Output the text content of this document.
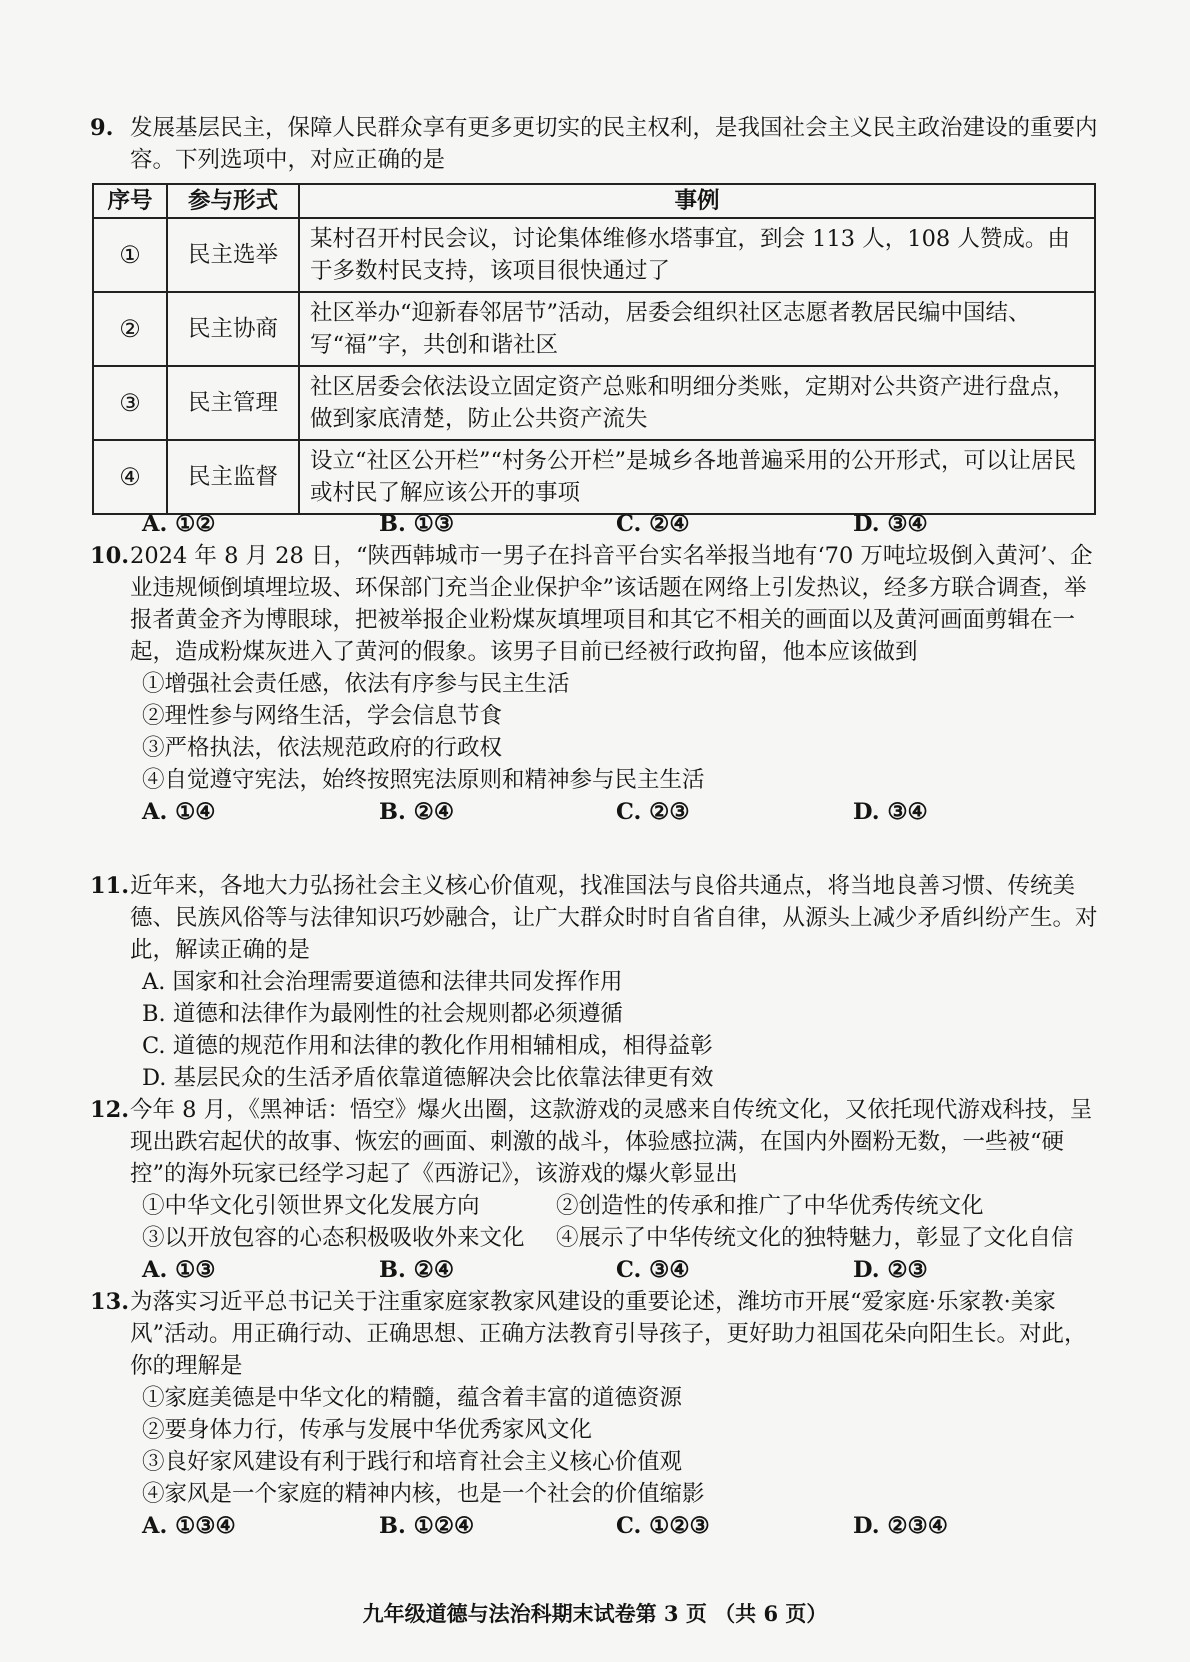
9. 发展基层民主，保障人民群众享有更多更切实的民主权利，是我国社会主义民主政治建设的重要内容。下列选项中，对应正确的是
序号	参与形式	事例
①	民主选举	某村召开村民会议，讨论集体维修水塔事宜，到会 113 人，108 人赞成。由于多数村民支持，该项目很快通过了
②	民主协商	社区举办“迎新春邻居节”活动，居委会组织社区志愿者教居民编中国结、写“福”字，共创和谐社区
③	民主管理	社区居委会依法设立固定资产总账和明细分类账，定期对公共资产进行盘点，做到家底清楚，防止公共资产流失
④	民主监督	设立“社区公开栏”“村务公开栏”是城乡各地普遍采用的公开形式，可以让居民或村民了解应该公开的事项
A. ①②	B. ①③	C. ②④	D. ③④
10.2024 年 8 月 28 日，“陕西韩城市一男子在抖音平台实名举报当地有‘70 万吨垃圾倒入黄河’、企业违规倾倒填埋垃圾、环保部门充当企业保护伞”该话题在网络上引发热议，经多方联合调查，举报者黄金齐为博眼球，把被举报企业粉煤灰填埋项目和其它不相关的画面以及黄河画面剪辑在一起，造成粉煤灰进入了黄河的假象。该男子目前已经被行政拘留，他本应该做到
①增强社会责任感，依法有序参与民主生活
②理性参与网络生活，学会信息节食
③严格执法，依法规范政府的行政权
④自觉遵守宪法，始终按照宪法原则和精神参与民主生活
A. ①④	B. ②④	C. ②③	D. ③④
11.近年来，各地大力弘扬社会主义核心价值观，找准国法与良俗共通点，将当地良善习惯、传统美德、民族风俗等与法律知识巧妙融合，让广大群众时时自省自律，从源头上减少矛盾纠纷产生。对此，解读正确的是
A. 国家和社会治理需要道德和法律共同发挥作用
B. 道德和法律作为最刚性的社会规则都必须遵循
C. 道德的规范作用和法律的教化作用相辅相成，相得益彰
D. 基层民众的生活矛盾依靠道德解决会比依靠法律更有效
12.今年 8 月，《黑神话：悟空》爆火出圈，这款游戏的灵感来自传统文化，又依托现代游戏科技，呈现出跌宕起伏的故事、恢宏的画面、刺激的战斗，体验感拉满，在国内外圈粉无数，一些被“硬控”的海外玩家已经学习起了《西游记》，该游戏的爆火彰显出
①中华文化引领世界文化发展方向	②创造性的传承和推广了中华优秀传统文化
③以开放包容的心态积极吸收外来文化	④展示了中华传统文化的独特魅力，彰显了文化自信
A. ①③	B. ②④	C. ③④	D. ②③
13.为落实习近平总书记关于注重家庭家教家风建设的重要论述，潍坊市开展“爱家庭·乐家教·美家风”活动。用正确行动、正确思想、正确方法教育引导孩子，更好助力祖国花朵向阳生长。对此，你的理解是
①家庭美德是中华文化的精髓，蕴含着丰富的道德资源
②要身体力行，传承与发展中华优秀家风文化
③良好家风建设有利于践行和培育社会主义核心价值观
④家风是一个家庭的精神内核，也是一个社会的价值缩影
A. ①③④	B. ①②④	C. ①②③	D. ②③④
九年级道德与法治科期末试卷第 3 页 （共 6 页）
